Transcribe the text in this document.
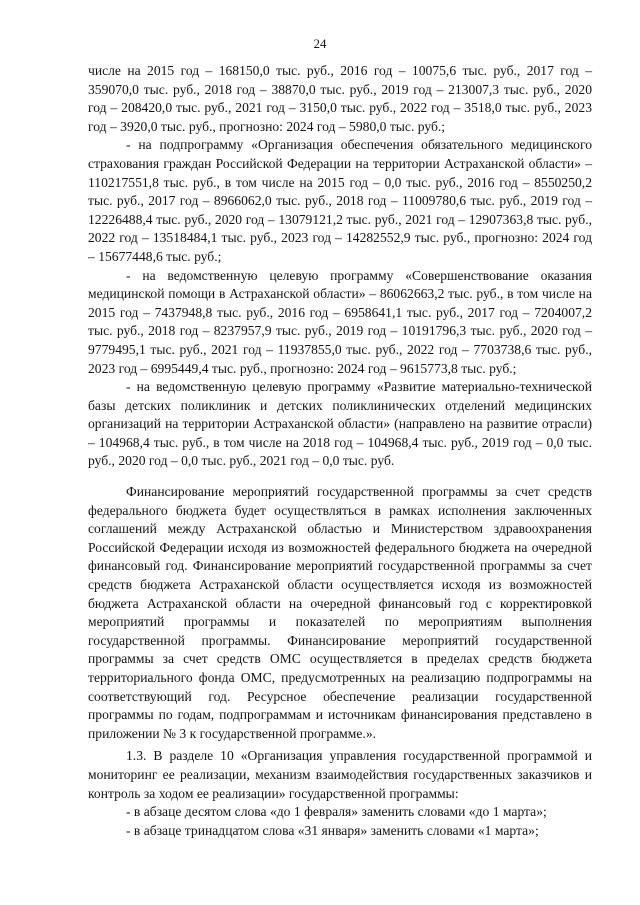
24

числе на 2015 год – 168150,0 тыс. руб., 2016 год – 10075,6 тыс. руб., 2017 год – 359070,0 тыс. руб., 2018 год – 38870,0 тыс. руб., 2019 год – 213007,3 тыс. руб., 2020 год – 208420,0 тыс. руб., 2021 год – 3150,0 тыс. руб., 2022 год – 3518,0 тыс. руб., 2023 год – 3920,0 тыс. руб., прогнозно: 2024 год – 5980,0 тыс. руб.;

- на подпрограмму «Организация обеспечения обязательного медицинского страхования граждан Российской Федерации на территории Астраханской области» – 110217551,8 тыс. руб., в том числе на 2015 год – 0,0 тыс. руб., 2016 год – 8550250,2 тыс. руб., 2017 год – 8966062,0 тыс. руб., 2018 год – 11009780,6 тыс. руб., 2019 год – 12226488,4 тыс. руб., 2020 год – 13079121,2 тыс. руб., 2021 год – 12907363,8 тыс. руб., 2022 год – 13518484,1 тыс. руб., 2023 год – 14282552,9 тыс. руб., прогнозно: 2024 год – 15677448,6 тыс. руб.;

- на ведомственную целевую программу «Совершенствование оказания медицинской помощи в Астраханской области» – 86062663,2 тыс. руб., в том числе на 2015 год – 7437948,8 тыс. руб., 2016 год – 6958641,1 тыс. руб., 2017 год – 7204007,2 тыс. руб., 2018 год – 8237957,9 тыс. руб., 2019 год – 10191796,3 тыс. руб., 2020 год – 9779495,1 тыс. руб., 2021 год – 11937855,0 тыс. руб., 2022 год – 7703738,6 тыс. руб., 2023 год – 6995449,4 тыс. руб., прогнозно: 2024 год – 9615773,8 тыс. руб.;

- на ведомственную целевую программу «Развитие материально-технической базы детских поликлиник и детских поликлинических отделений медицинских организаций на территории Астраханской области» (направлено на развитие отрасли) – 104968,4 тыс. руб., в том числе на 2018 год – 104968,4 тыс. руб., 2019 год – 0,0 тыс. руб., 2020 год – 0,0 тыс. руб., 2021 год – 0,0 тыс. руб.

Финансирование мероприятий государственной программы за счет средств федерального бюджета будет осуществляться в рамках исполнения заключенных соглашений между Астраханской областью и Министерством здравоохранения Российской Федерации исходя из возможностей федерального бюджета на очередной финансовый год. Финансирование мероприятий государственной программы за счет средств бюджета Астраханской области осуществляется исходя из возможностей бюджета Астраханской области на очередной финансовый год с корректировкой мероприятий программы и показателей по мероприятиям выполнения государственной программы. Финансирование мероприятий государственной программы за счет средств ОМС осуществляется в пределах средств бюджета территориального фонда ОМС, предусмотренных на реализацию подпрограммы на соответствующий год. Ресурсное обеспечение реализации государственной программы по годам, подпрограммам и источникам финансирования представлено в приложении № 3 к государственной программе.».

1.3. В разделе 10 «Организация управления государственной программой и мониторинг ее реализации, механизм взаимодействия государственных заказчиков и контроль за ходом ее реализации» государственной программы:

- в абзаце десятом слова «до 1 февраля» заменить словами «до 1 марта»;

- в абзаце тринадцатом слова «31 января» заменить словами «1 марта»;
